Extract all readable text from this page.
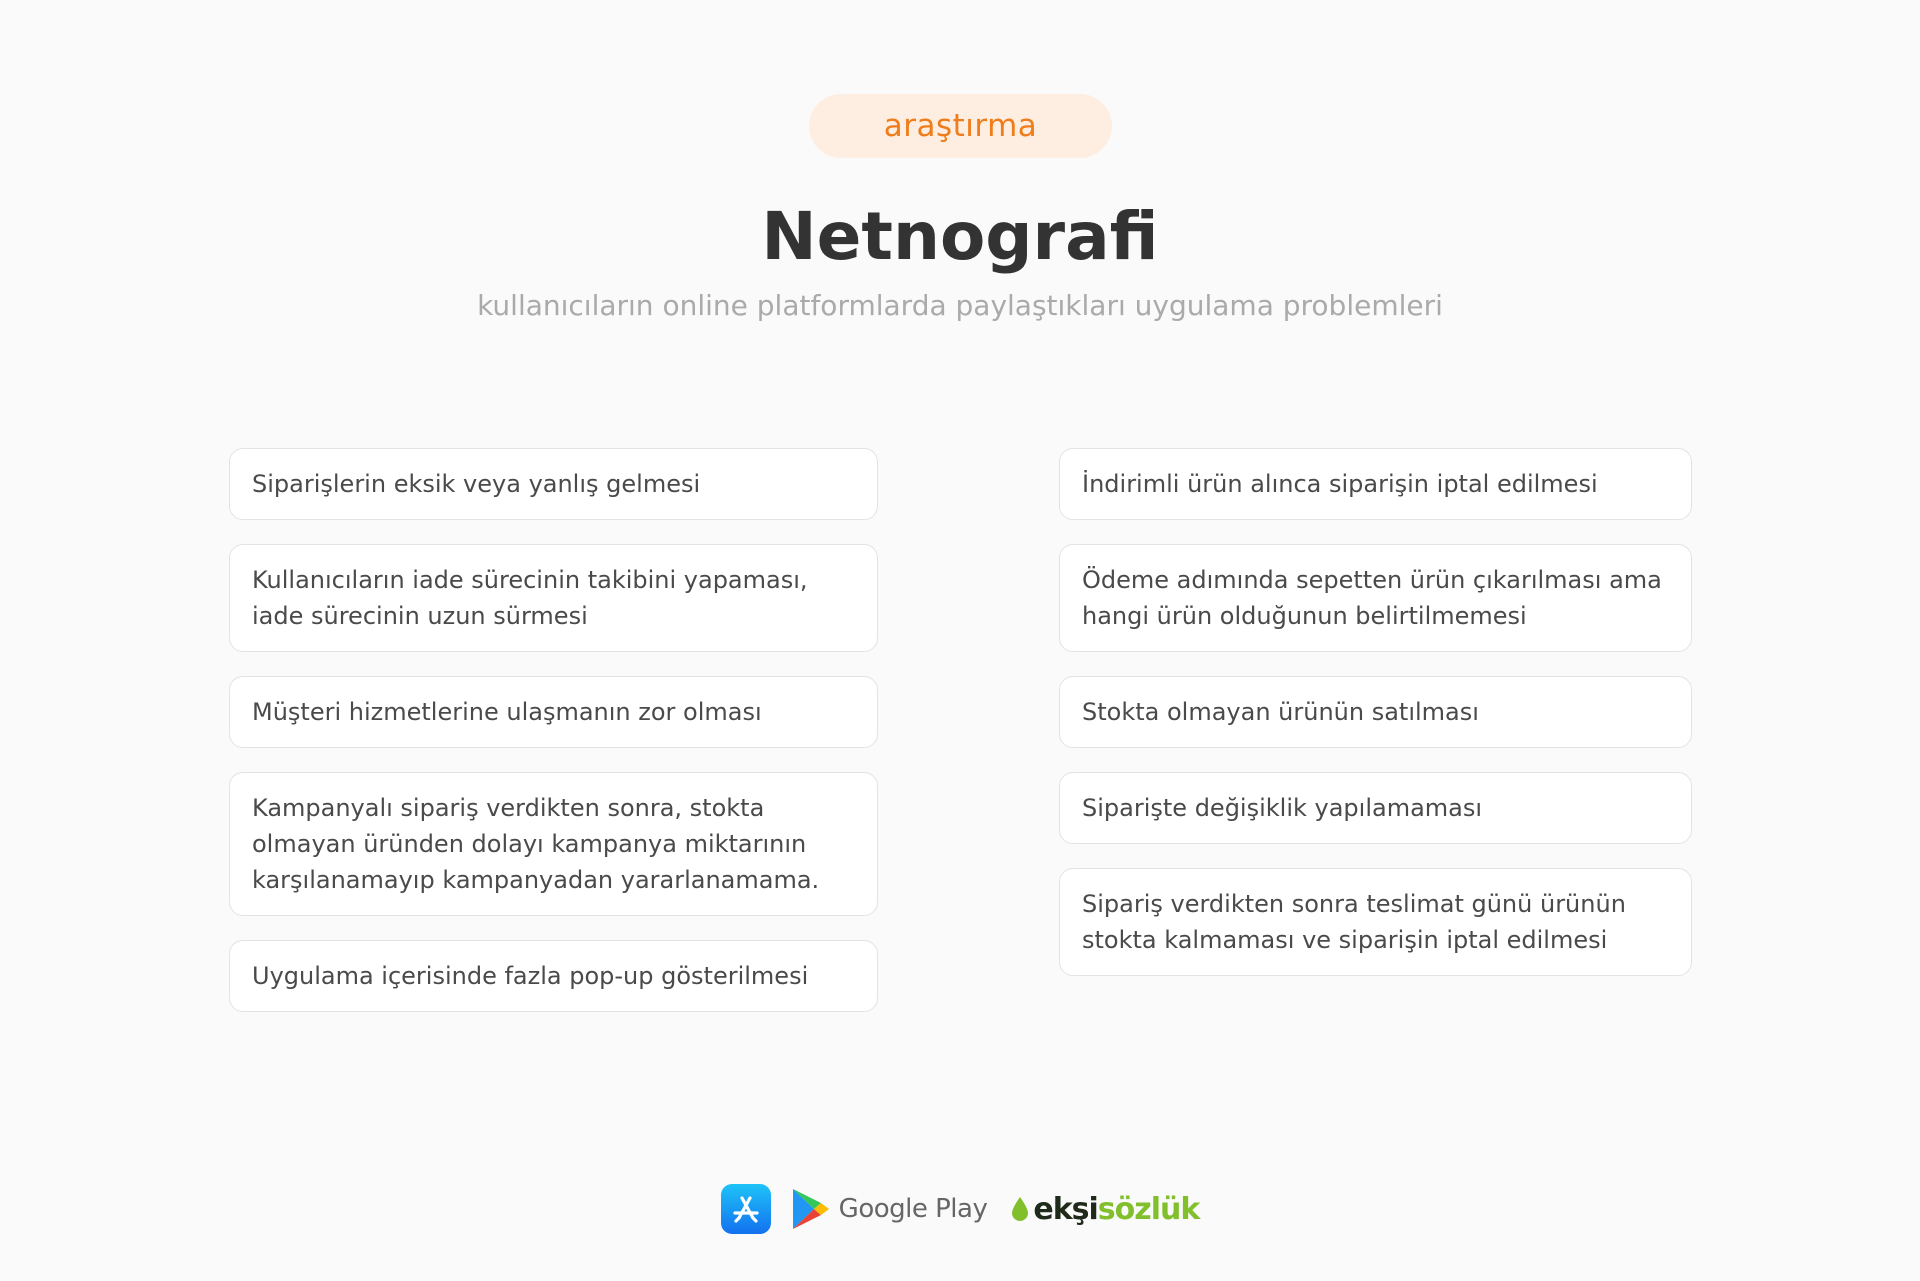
araştırma
Netnografi

kullanıcıların online platformlarda paylaştıkları uygulama problemleri

Siparişlerin eksik veya yanlış gelmesi
Kullanıcıların iade sürecinin takibini yapaması, iade sürecinin uzun sürmesi
Müşteri hizmetlerine ulaşmanın zor olması
Kampanyalı sipariş verdikten sonra, stokta olmayan üründen dolayı kampanya miktarının karşılanamayıp kampanyadan yararlanamama.
Uygulama içerisinde fazla pop-up gösterilmesi
İndirimli ürün alınca siparişin iptal edilmesi
Ödeme adımında sepetten ürün çıkarılması ama hangi ürün olduğunun belirtilmemesi
Stokta olmayan ürünün satılması
Siparişte değişiklik yapılamaması
Sipariş verdikten sonra teslimat günü ürünün stokta kalmaması ve siparişin iptal edilmesi
Google Play ekşisözlük
